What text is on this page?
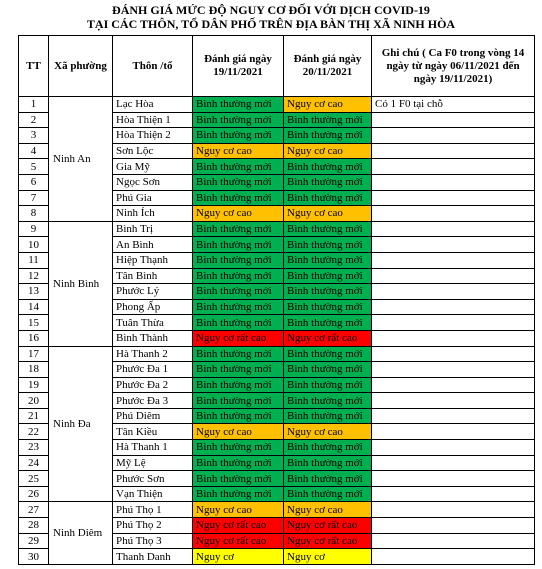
ĐÁNH GIÁ MỨC ĐỘ NGUY CƠ ĐỐI VỚI DỊCH COVID-19
TẠI CÁC THÔN, TỔ DÂN PHỐ TRÊN ĐỊA BÀN THỊ XÃ NINH HÒA
TT	Xã phường	Thôn /tổ	Đánh giá ngày 19/11/2021	Đánh giá ngày 20/11/2021	Ghi chú ( Ca F0 trong vòng 14 ngày từ ngày 06/11/2021 đến ngày 19/11/2021)
1	Ninh An	Lạc Hòa	Bình thường mới	Nguy cơ cao	Có 1 F0 tại chỗ
2		Hòa Thiện 1	Bình thường mới	Bình thường mới	
3		Hòa Thiện 2	Bình thường mới	Bình thường mới	
4		Sơn Lộc	Nguy cơ cao	Nguy cơ cao	
5		Gia Mỹ	Bình thường mới	Bình thường mới	
6		Ngọc Sơn	Bình thường mới	Bình thường mới	
7		Phú Gia	Bình thường mới	Bình thường mới	
8		Ninh Ích	Nguy cơ cao	Nguy cơ cao	
9	Ninh Bình	Bình Trị	Bình thường mới	Bình thường mới	
10		An Bình	Bình thường mới	Bình thường mới	
11		Hiệp Thạnh	Bình thường mới	Bình thường mới	
12		Tân Bình	Bình thường mới	Bình thường mới	
13		Phước Lý	Bình thường mới	Bình thường mới	
14		Phong Ấp	Bình thường mới	Bình thường mới	
15		Tuân Thừa	Bình thường mới	Bình thường mới	
16		Bình Thành	Nguy cơ rất cao	Nguy cơ rất cao	
17	Ninh Đa	Hà Thanh 2	Bình thường mới	Bình thường mới	
18		Phước Đa 1	Bình thường mới	Bình thường mới	
19		Phước Đa 2	Bình thường mới	Bình thường mới	
20		Phước Đa 3	Bình thường mới	Bình thường mới	
21		Phú Diêm	Bình thường mới	Bình thường mới	
22		Tân Kiều	Nguy cơ cao	Nguy cơ cao	
23		Hà Thanh 1	Bình thường mới	Bình thường mới	
24		Mỹ Lệ	Bình thường mới	Bình thường mới	
25		Phước Sơn	Bình thường mới	Bình thường mới	
26		Vạn Thiện	Bình thường mới	Bình thường mới	
27	Ninh Diêm	Phú Thọ 1	Nguy cơ cao	Nguy cơ cao	
28		Phú Thọ 2	Nguy cơ rất cao	Nguy cơ rất cao	
29		Phú Thọ 3	Nguy cơ rất cao	Nguy cơ rất cao	
30		Thanh Danh	Nguy cơ	Nguy cơ	
